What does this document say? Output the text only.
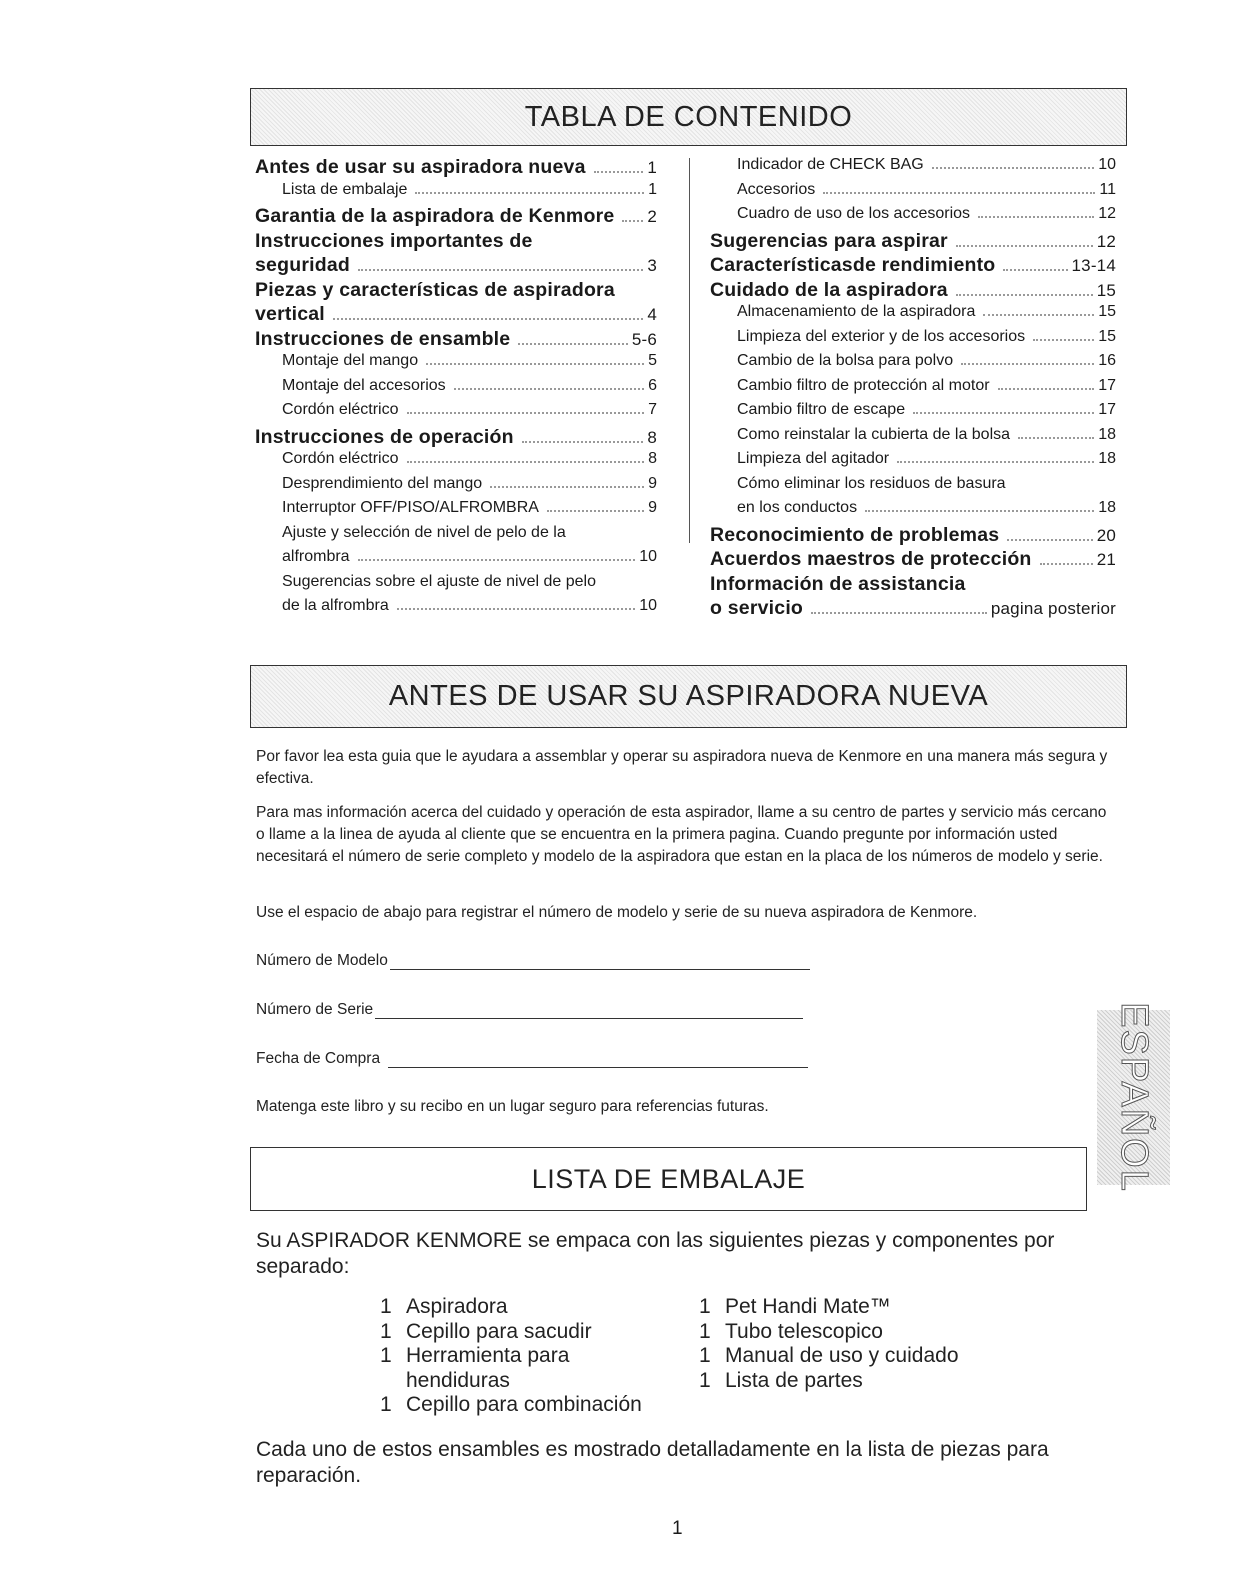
TABLA DE CONTENIDO
Antes de usar su aspiradora nueva	1
Lista de embalaje	1
Garantia de la aspiradora de Kenmore 2
Instrucciones importantes de
seguridad	3
Piezas y características de aspiradora
vertical	4
Instrucciones de ensamble	5-6
Montaje del mango	5
Montaje del accesorios	6
Cordón eléctrico	7
Instrucciones de operación	8
Cordón eléctrico	8
Desprendimiento del mango	9
Interruptor OFF/PISO/ALFROMBRA	9
Ajuste y selección de nivel de pelo de la
alfrombra	10
Sugerencias sobre el ajuste de nivel de pelo
de la alfrombra	10
Indicador de CHECK BAG	10
Accesorios	11
Cuadro de uso de los accesorios	12
Sugerencias para aspirar	12
Característicasde rendimiento	13-14
Cuidado de la aspiradora	15
Almacenamiento de la aspiradora	15
Limpieza del exterior y de los accesorios	15
Cambio de la bolsa para polvo	16
Cambio filtro de protección al motor	17
Cambio filtro de escape	17
Como reinstalar la cubierta de la bolsa	18
Limpieza del agitador	18
Cómo eliminar los residuos de basura
en los conductos	18
Reconocimiento de problemas	20
Acuerdos maestros de protección	21
Información de assistancia
o servicio	pagina posterior
ANTES DE USAR SU ASPIRADORA NUEVA
Por favor lea esta guia que le ayudara a assemblar y operar su aspiradora nueva de Kenmore en una manera más segura y efectiva.
Para mas información acerca del cuidado y operación de esta aspirador, llame a su centro de partes y servicio más cercano o llame a la linea de ayuda al cliente que se encuentra en la primera pagina. Cuando pregunte por información usted necesitará el número de serie completo y modelo de la aspiradora que estan en la placa de los números de modelo y serie.
Use el espacio de abajo para registrar el número de modelo y serie de su nueva aspiradora de Kenmore.
Número de Modelo
Número de Serie
Fecha de Compra
Matenga este libro y su recibo en un lugar seguro para referencias futuras.
LISTA DE EMBALAJE
Su ASPIRADOR KENMORE se empaca con las siguientes piezas y componentes por separado:
1 Aspiradora
1 Cepillo para sacudir
1 Herramienta para
hendiduras
1 Cepillo para combinación
1 Pet Handi Mate™
1 Tubo telescopico
1 Manual de uso y cuidado
1 Lista de partes
Cada uno de estos ensambles es mostrado detalladamente en la lista de piezas para reparación.
ESPAÑOL
1
